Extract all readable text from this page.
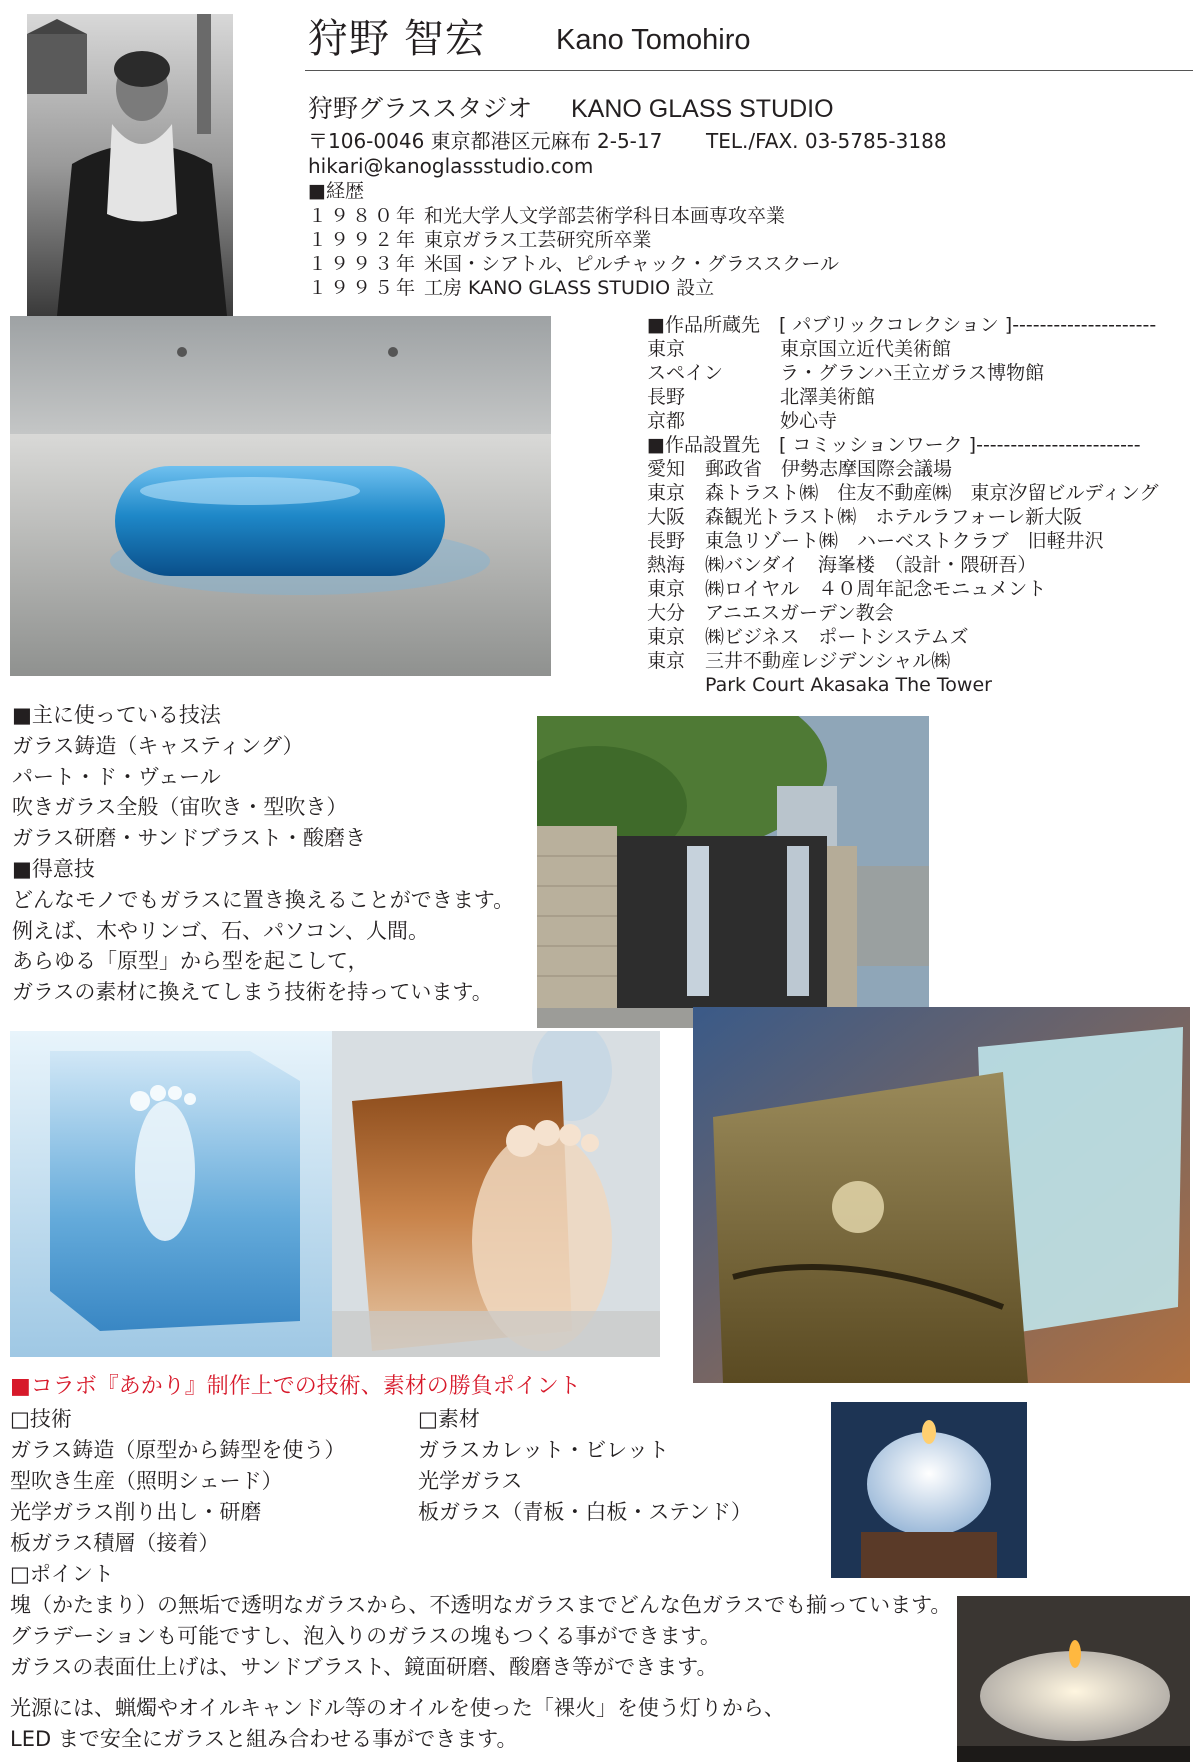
狩野 智宏 Kano Tomohiro
狩野グラススタジオ KANO GLASS STUDIO
〒106-0046 東京都港区元麻布 2-5-17 TEL./FAX. 03-5785-3188
hikari@kanoglassstudio.com
■経歴
１９８０年 和光大学人文学部芸術学科日本画専攻卒業
１９９２年 東京ガラス工芸研究所卒業
１９９３年 米国・シアトル、ピルチャック・グラススクール
１９９５年 工房 KANO GLASS STUDIO 設立
■作品所蔵先　[ パブリックコレクション ]---------------------
東京	東京国立近代美術館
スペイン	ラ・グランハ王立ガラス博物館
長野	北澤美術館
京都	妙心寺
■作品設置先　[ コミッションワーク ]------------------------
愛知	郵政省　伊勢志摩国際会議場
東京	森トラスト㈱　住友不動産㈱　東京汐留ビルディング
大阪	森観光トラスト㈱　ホテルラフォーレ新大阪
長野	東急リゾート㈱　ハーベストクラブ　旧軽井沢
熱海	㈱バンダイ　海峯楼　（設計・隈研吾）
東京	㈱ロイヤル　４０周年記念モニュメント
大分	アニエスガーデン教会
東京	㈱ビジネス　ポートシステムズ
東京	三井不動産レジデンシャル㈱
Park Court Akasaka The Tower
■主に使っている技法
ガラス鋳造（キャスティング）
パート・ド・ヴェール
吹きガラス全般（宙吹き・型吹き）
ガラス研磨・サンドブラスト・酸磨き
■得意技
どんなモノでもガラスに置き換えることができます。
例えば、木やリンゴ、石、パソコン、人間。
あらゆる「原型」から型を起こして，
ガラスの素材に換えてしまう技術を持っています。
■コラボ『あかり』制作上での技術、素材の勝負ポイント
□技術
ガラス鋳造（原型から鋳型を使う）
型吹き生産（照明シェード）
光学ガラス削り出し・研磨
板ガラス積層（接着）
□素材
ガラスカレット・ビレット
光学ガラス
板ガラス（青板・白板・ステンド）
□ポイント
塊（かたまり）の無垢で透明なガラスから、不透明なガラスまでどんな色ガラスでも揃っています。
グラデーションも可能ですし、泡入りのガラスの塊もつくる事ができます。
ガラスの表面仕上げは、サンドブラスト、鏡面研磨、酸磨き等ができます。
光源には、蝋燭やオイルキャンドル等のオイルを使った「裸火」を使う灯りから、
LED まで安全にガラスと組み合わせる事ができます。
